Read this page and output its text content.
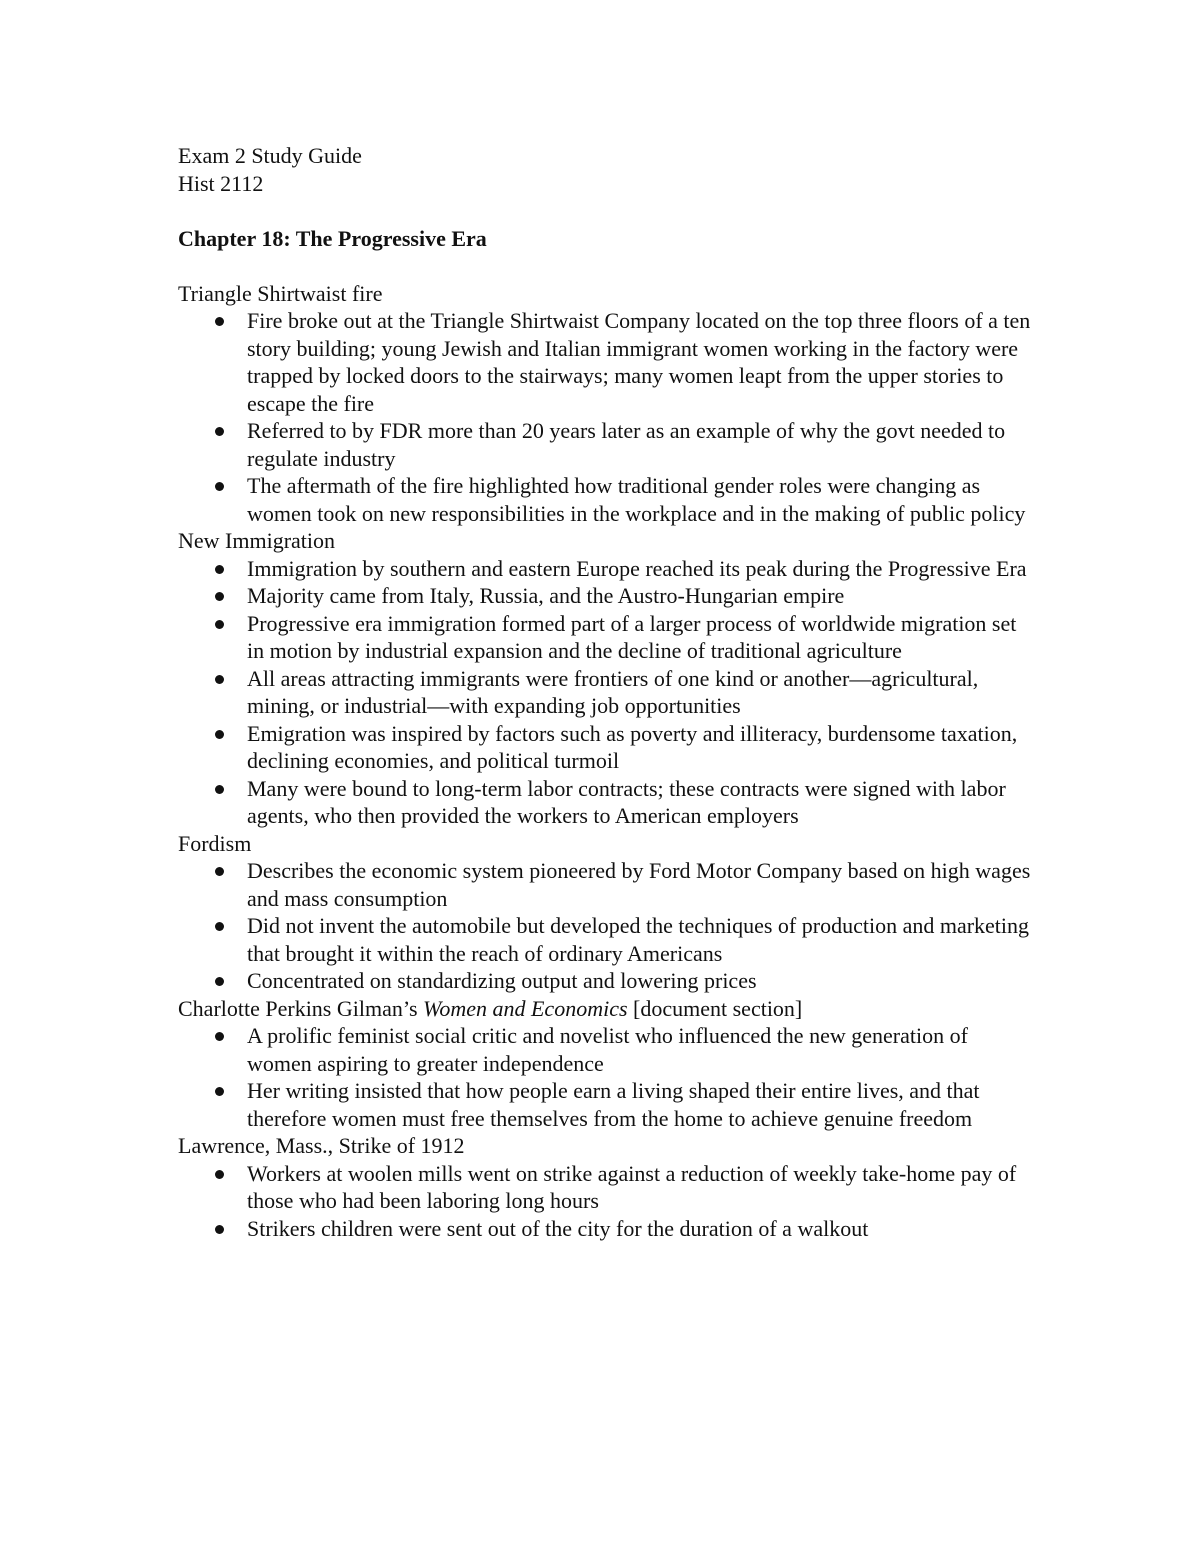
Exam 2 Study Guide
Hist 2112
Chapter 18: The Progressive Era
Triangle Shirtwaist fire
Fire broke out at the Triangle Shirtwaist Company located on the top three floors of a ten story building; young Jewish and Italian immigrant women working in the factory were trapped by locked doors to the stairways; many women leapt from the upper stories to escape the fire
Referred to by FDR more than 20 years later as an example of why the govt needed to regulate industry
The aftermath of the fire highlighted how traditional gender roles were changing as women took on new responsibilities in the workplace and in the making of public policy
New Immigration
Immigration by southern and eastern Europe reached its peak during the Progressive Era
Majority came from Italy, Russia, and the Austro-Hungarian empire
Progressive era immigration formed part of a larger process of worldwide migration set in motion by industrial expansion and the decline of traditional agriculture
All areas attracting immigrants were frontiers of one kind or another—agricultural, mining, or industrial—with expanding job opportunities
Emigration was inspired by factors such as poverty and illiteracy, burdensome taxation, declining economies, and political turmoil
Many were bound to long-term labor contracts; these contracts were signed with labor agents, who then provided the workers to American employers
Fordism
Describes the economic system pioneered by Ford Motor Company based on high wages and mass consumption
Did not invent the automobile but developed the techniques of production and marketing that brought it within the reach of ordinary Americans
Concentrated on standardizing output and lowering prices
Charlotte Perkins Gilman’s Women and Economics [document section]
A prolific feminist social critic and novelist who influenced the new generation of women aspiring to greater independence
Her writing insisted that how people earn a living shaped their entire lives, and that therefore women must free themselves from the home to achieve genuine freedom
Lawrence, Mass., Strike of 1912
Workers at woolen mills went on strike against a reduction of weekly take-home pay of those who had been laboring long hours
Strikers children were sent out of the city for the duration of a walkout
